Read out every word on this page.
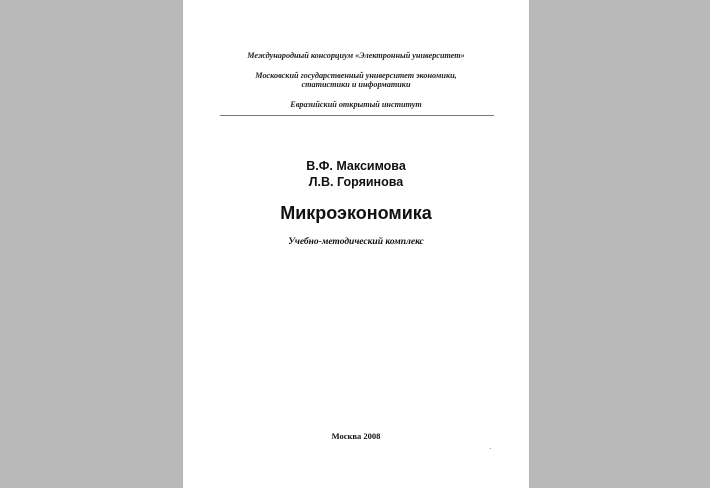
Международный консорциум «Электронный университет»
Московский государственный университет экономики,
статистики и информатики
Евразийский открытый институт
В.Ф. Максимова
Л.В. Горяинова
Микроэкономика
Учебно-методический комплекс
Москва 2008
